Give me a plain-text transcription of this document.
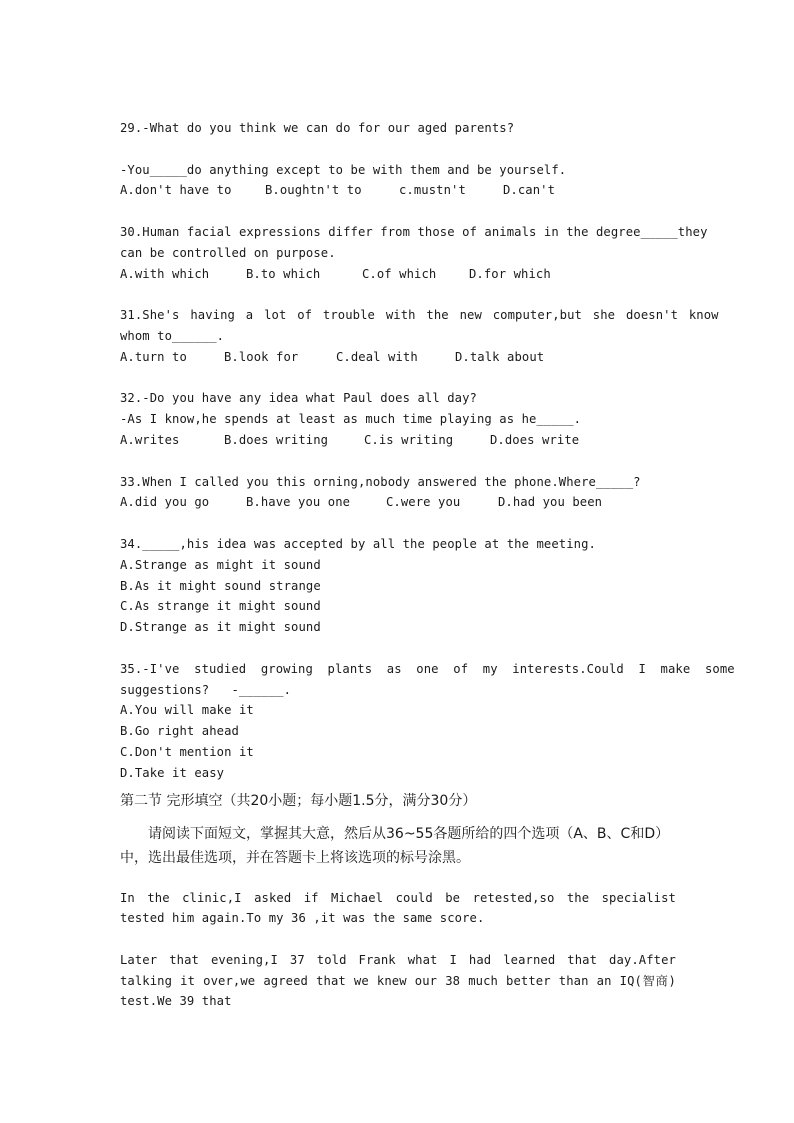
29.-What do you think we can do for our aged parents?
-You_____do anything except to be with them and be yourself.
A.don't have to	B.oughtn't to	c.mustn't	D.can't
30.Human facial expressions differ from those of animals in the degree_____they
can be controlled on purpose.
A.with which	B.to which	C.of which	D.for which
31.She's having a lot of trouble with the new computer,but she doesn't know
whom to______.
A.turn to	B.look for	C.deal with	D.talk about
32.-Do you have any idea what Paul does all day?
-As I know,he spends at least as much time playing as he_____.
A.writes	B.does writing	C.is writing	D.does write
33.When I called you this orning,nobody answered the phone.Where_____?
A.did you go	B.have you one	C.were you	D.had you been
34._____,his idea was accepted by all the people at the meeting.
A.Strange as might it sound
B.As it might sound strange
C.As strange it might sound
D.Strange as it might sound
35.-I've studied growing plants as one of my interests.Could I make some
suggestions?   -______.
A.You will make it
B.Go right ahead
C.Don't mention it
D.Take it easy
第二节 完形填空（共20小题；每小题1.5分，满分30分）
请阅读下面短文，掌握其大意，然后从36~55各题所给的四个选项（A、B、C和D）中，选出最佳选项，并在答题卡上将该选项的标号涂黑。
In the clinic,I asked if Michael could be retested,so the specialist tested him again.To my 36 ,it was the same score.
Later that evening,I 37 told Frank what I had learned that day.After talking it over,we agreed that we knew our 38 much better than an IQ(智商) test.We 39 that
